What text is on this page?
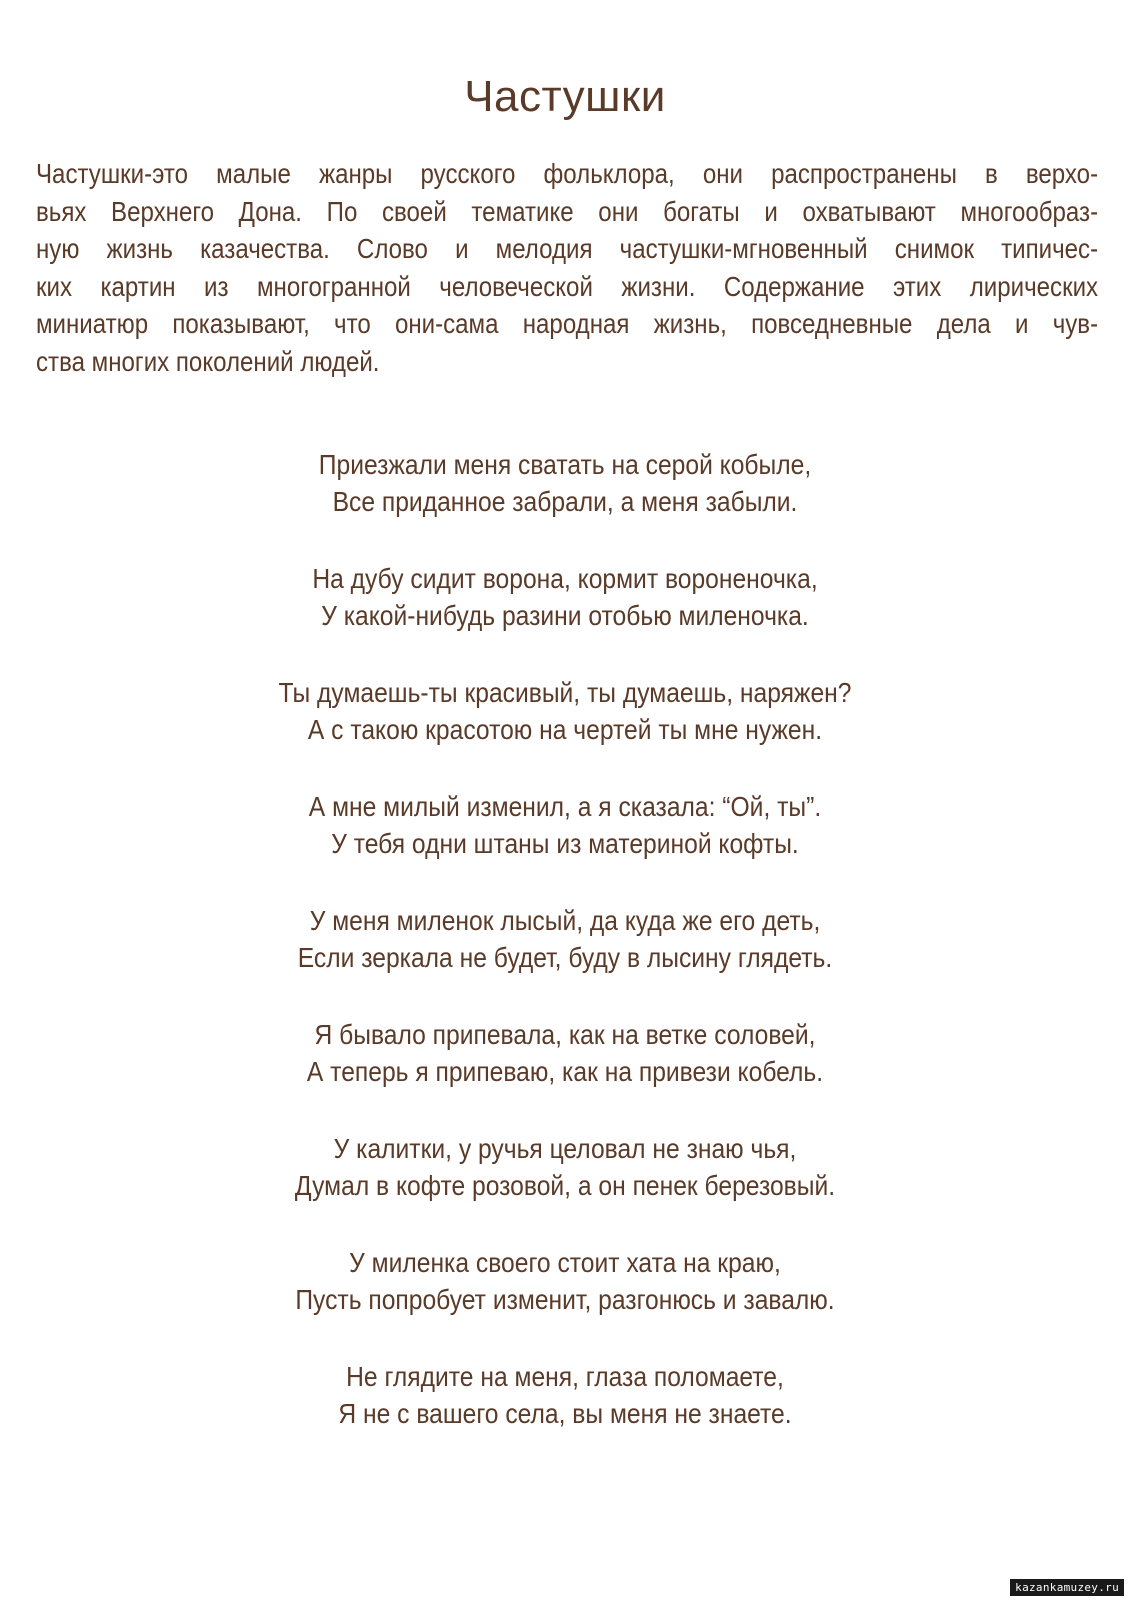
Частушки
Частушки-это малые жанры русского фольклора, они распространены в верхо-
вьях Верхнего Дона. По своей тематике они богаты и охватывают многообраз-
ную жизнь казачества. Слово и мелодия частушки-мгновенный снимок типичес-
ких картин из многогранной человеческой жизни. Содержание этих лирических
миниатюр показывают, что они-сама народная жизнь, повседневные дела и чув-
ства многих поколений людей.
Приезжали меня сватать на серой кобыле,
Все приданное забрали, а меня забыли.
На дубу сидит ворона, кормит вороненочка,
У какой-нибудь разини отобью миленочка.
Ты думаешь-ты красивый, ты думаешь, наряжен?
А с такою красотою на чертей ты мне нужен.
А мне милый изменил, а я сказала: “Ой, ты”.
У тебя одни штаны из материной кофты.
У меня миленок лысый, да куда же его деть,
Если зеркала не будет, буду в лысину глядеть.
Я бывало припевала, как на ветке соловей,
А теперь я припеваю, как на привези кобель.
У калитки, у ручья целовал не знаю чья,
Думал в кофте розовой, а он пенек березовый.
У миленка своего стоит хата на краю,
Пусть попробует изменит, разгонюсь и завалю.
Не глядите на меня, глаза поломаете,
Я не с вашего села, вы меня не знаете.
kazankamuzey.ru
